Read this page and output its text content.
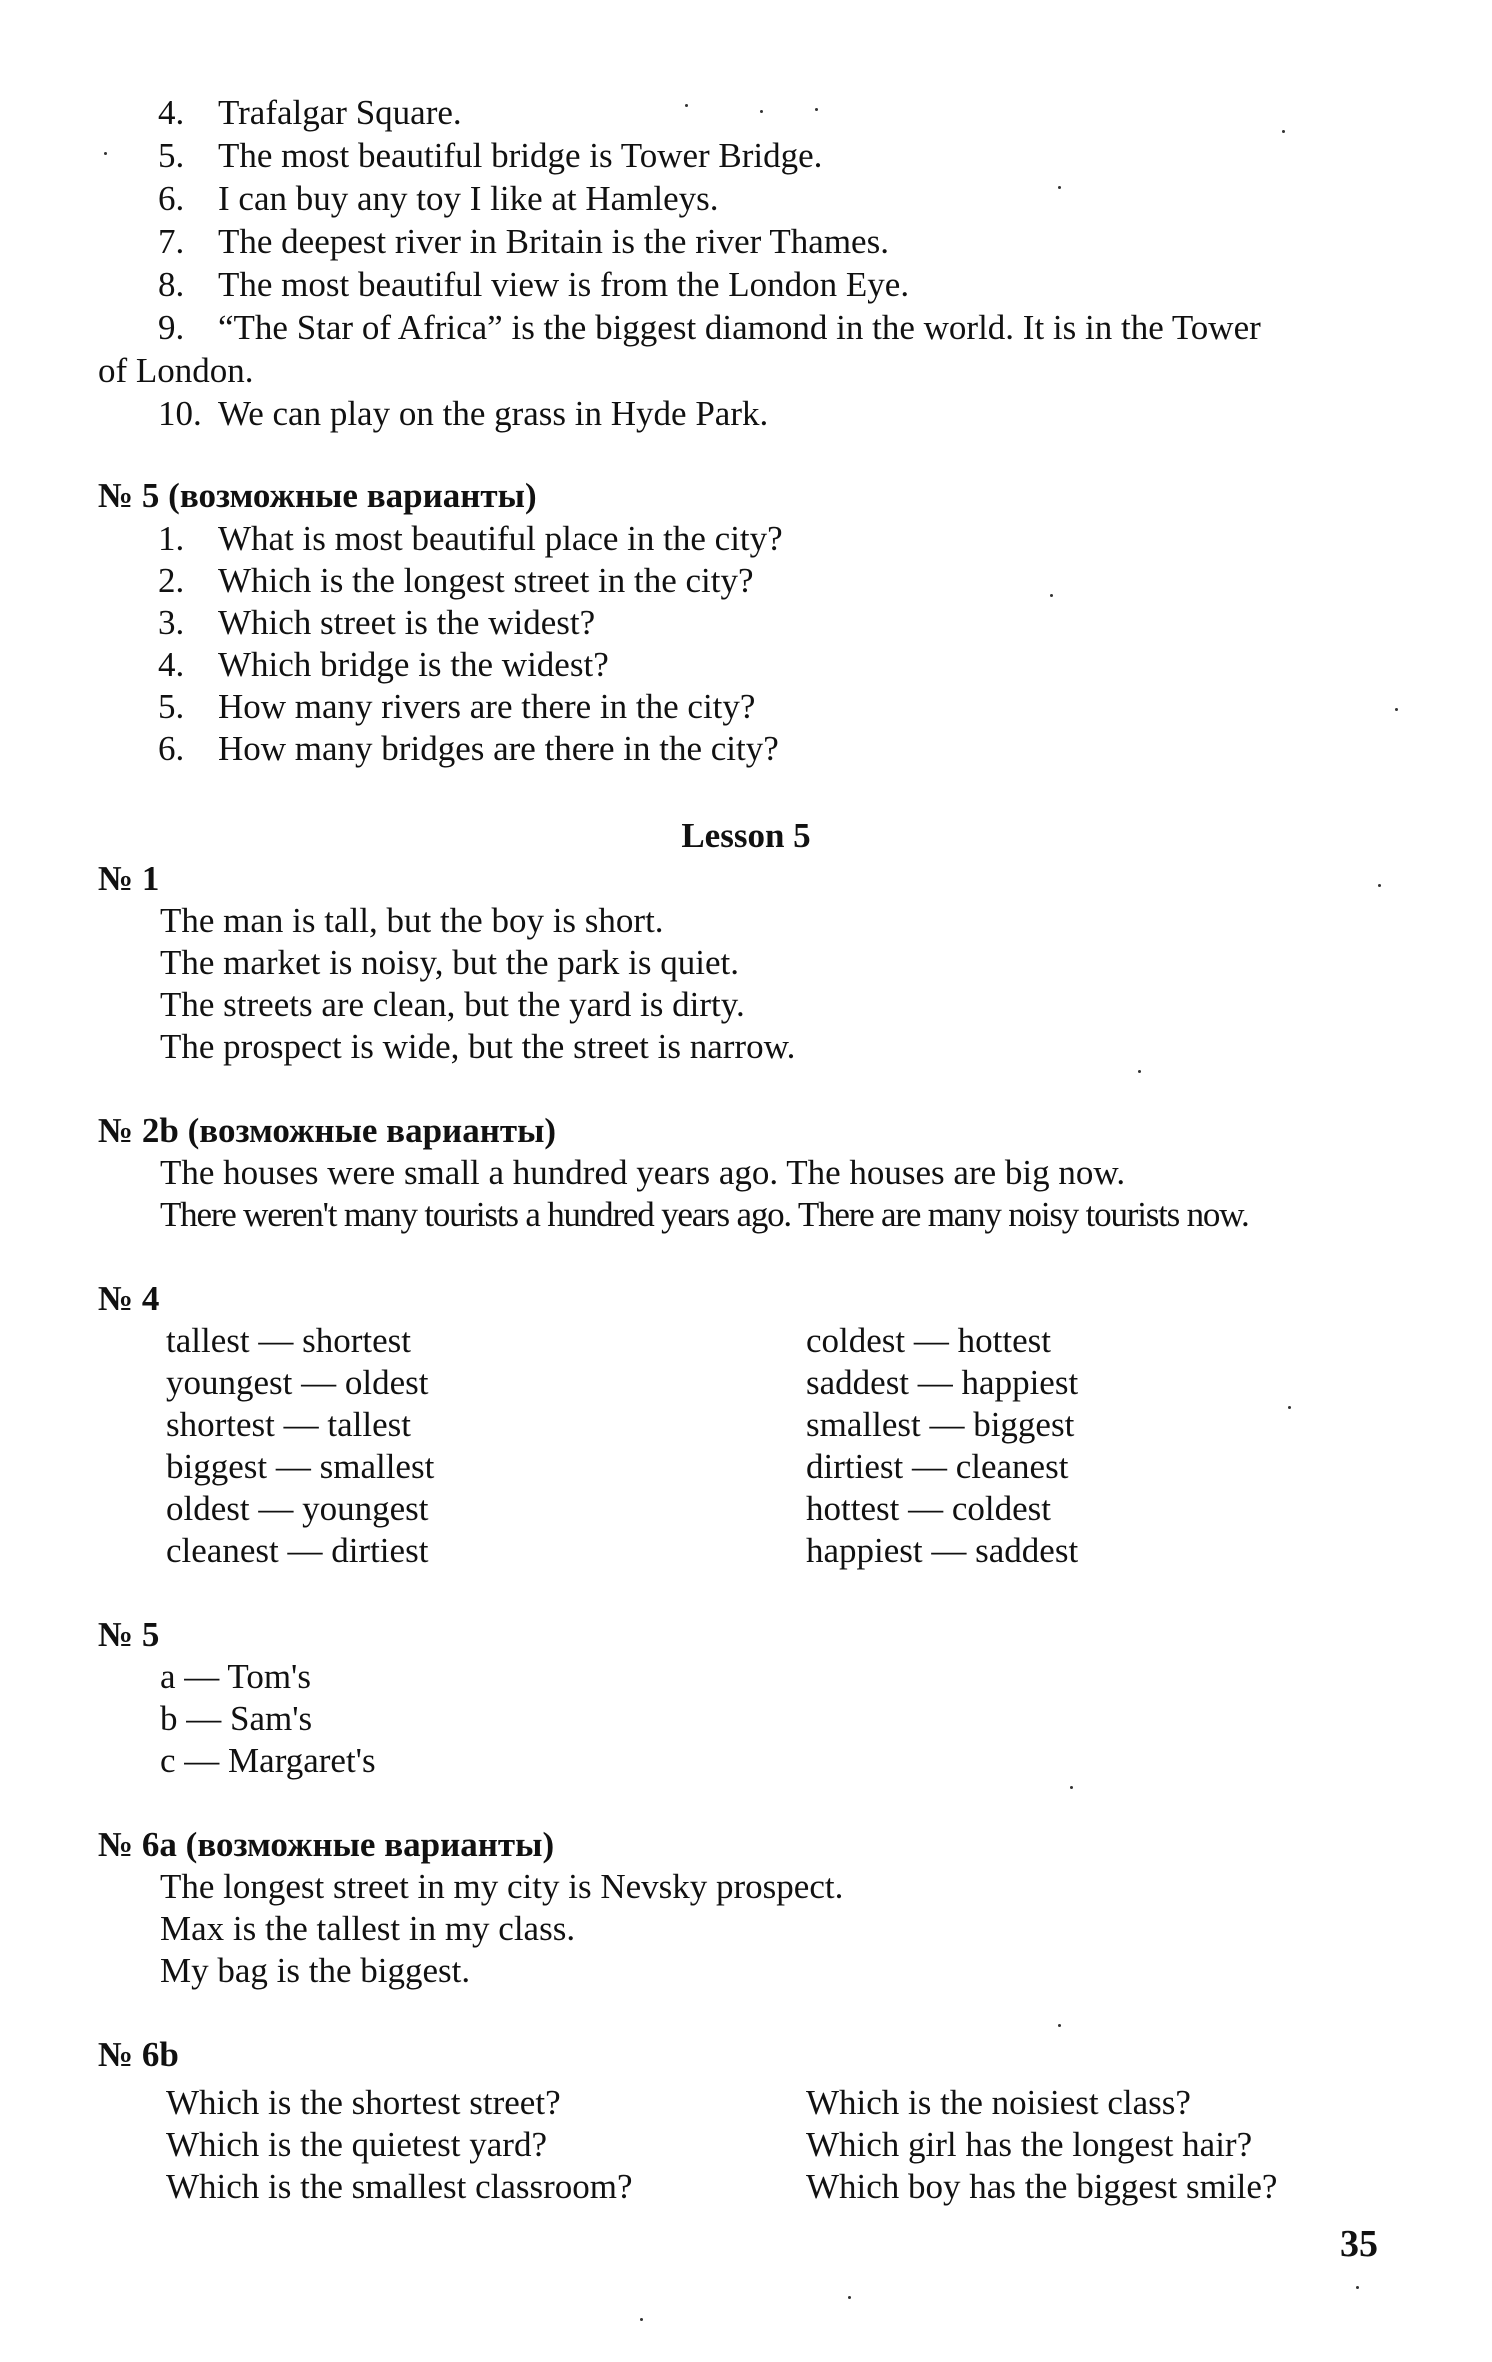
4. Trafalgar Square.
5. The most beautiful bridge is Tower Bridge.
6. I can buy any toy I like at Hamleys.
7. The deepest river in Britain is the river Thames.
8. The most beautiful view is from the London Eye.
9. “The Star of Africa” is the biggest diamond in the world. It is in the Tower
of London.
10. We can play on the grass in Hyde Park.
№ 5 (возможные варианты)
1. What is most beautiful place in the city?
2. Which is the longest street in the city?
3. Which street is the widest?
4. Which bridge is the widest?
5. How many rivers are there in the city?
6. How many bridges are there in the city?
Lesson 5
№ 1
The man is tall, but the boy is short.
The market is noisy, but the park is quiet.
The streets are clean, but the yard is dirty.
The prospect is wide, but the street is narrow.
№ 2b (возможные варианты)
The houses were small a hundred years ago. The houses are big now.
There weren't many tourists a hundred years ago. There are many noisy tourists now.
№ 4
tallest — shortest
youngest — oldest
shortest — tallest
biggest — smallest
oldest — youngest
cleanest — dirtiest
coldest — hottest
saddest — happiest
smallest — biggest
dirtiest — cleanest
hottest — coldest
happiest — saddest
№ 5
a — Tom's
b — Sam's
c — Margaret's
№ 6a (возможные варианты)
The longest street in my city is Nevsky prospect.
Max is the tallest in my class.
My bag is the biggest.
№ 6b
Which is the shortest street?
Which is the quietest yard?
Which is the smallest classroom?
Which is the noisiest class?
Which girl has the longest hair?
Which boy has the biggest smile?
35
